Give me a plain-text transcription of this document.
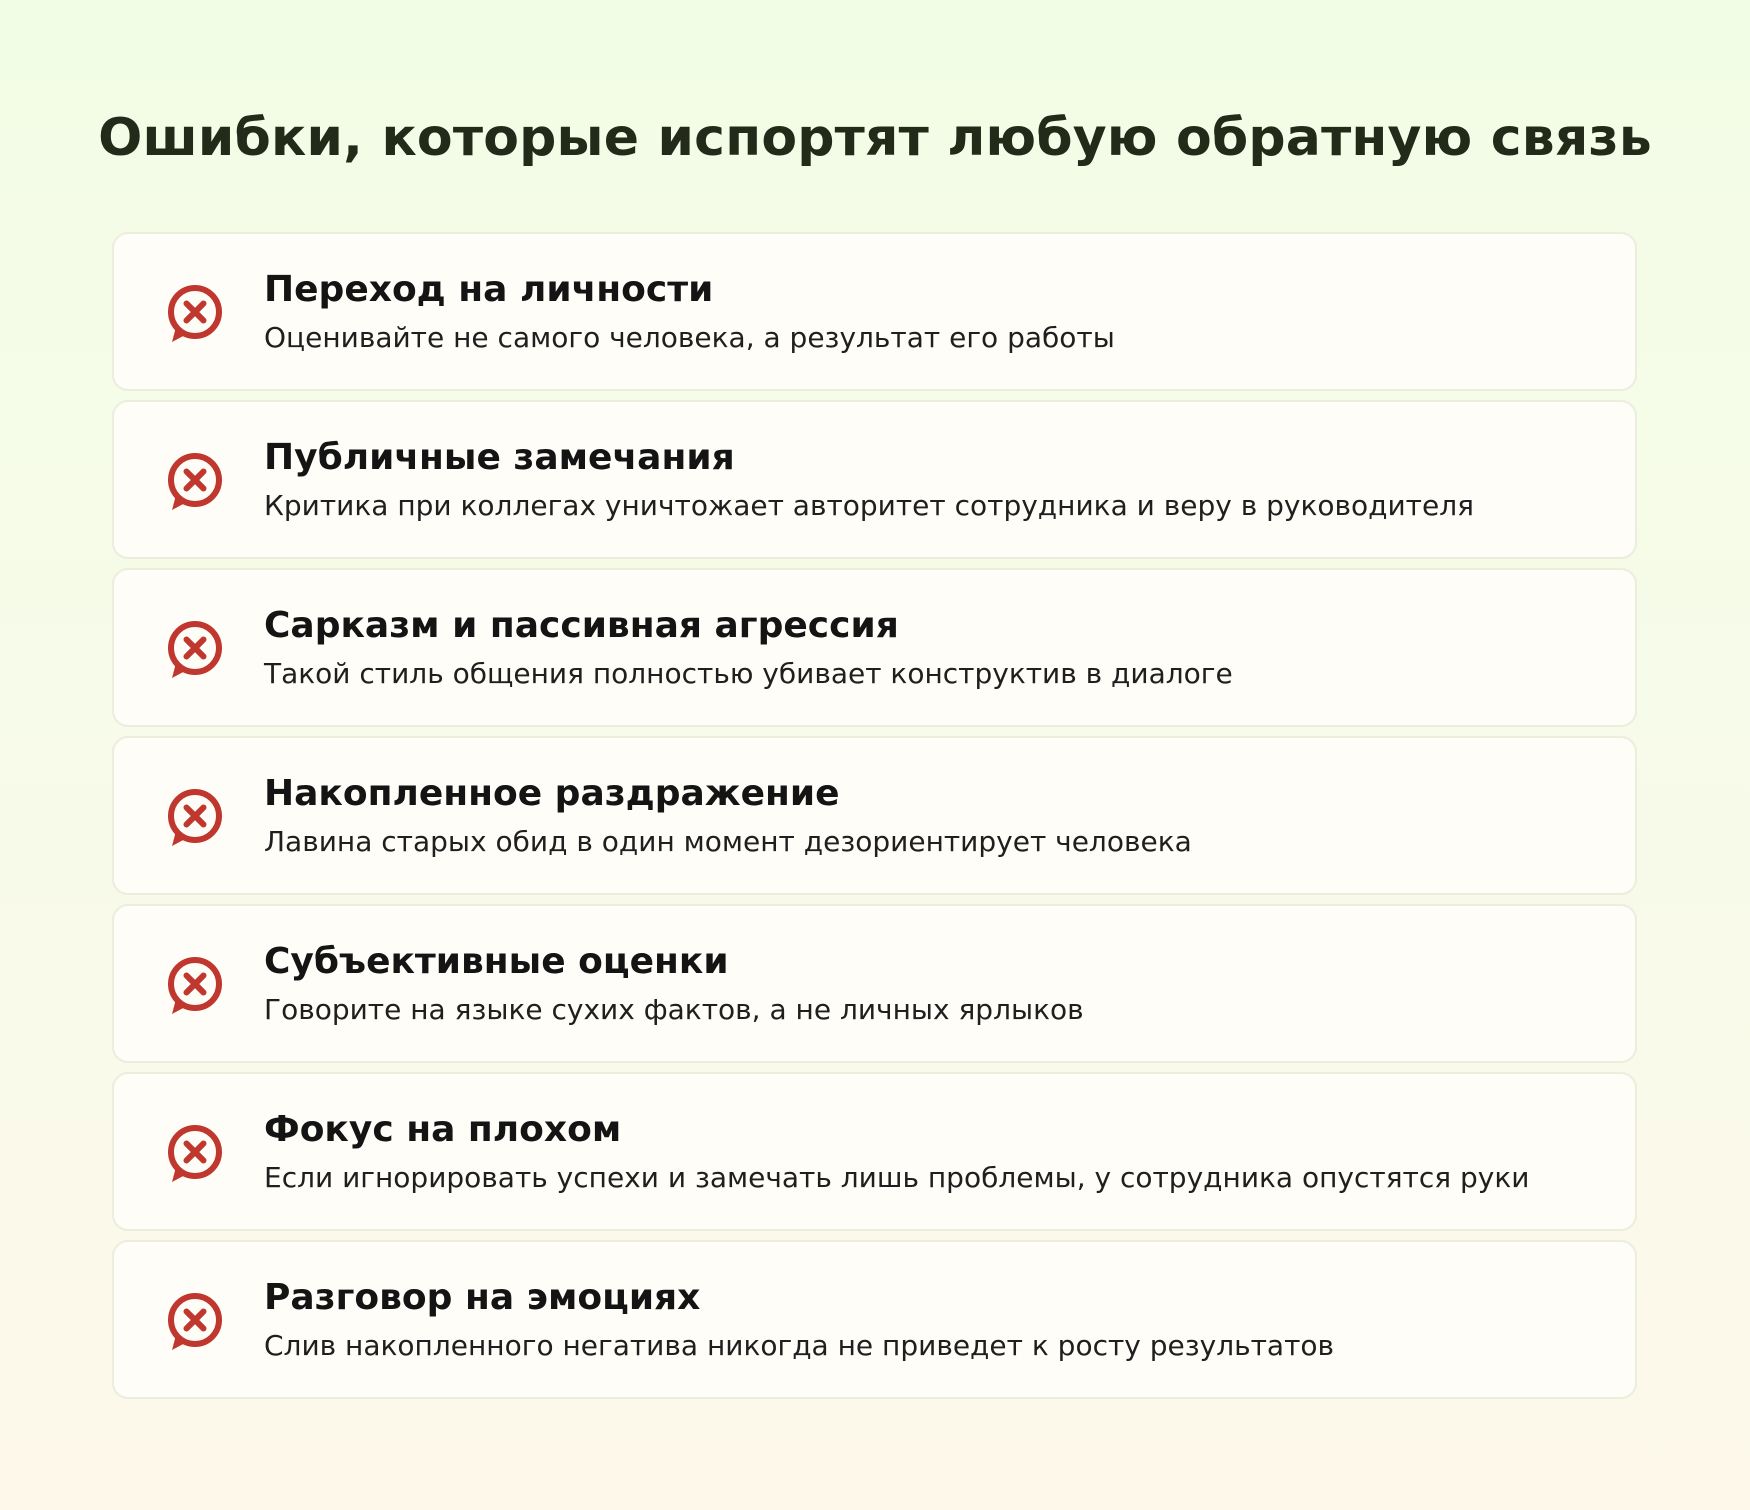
Ошибки, которые испортят любую обратную связь
Переход на личности
Оценивайте не самого человека, а результат его работы
Публичные замечания
Критика при коллегах уничтожает авторитет сотрудника и веру в руководителя
Сарказм и пассивная агрессия
Такой стиль общения полностью убивает конструктив в диалоге
Накопленное раздражение
Лавина старых обид в один момент дезориентирует человека
Субъективные оценки
Говорите на языке сухих фактов, а не личных ярлыков
Фокус на плохом
Если игнорировать успехи и замечать лишь проблемы, у сотрудника опустятся руки
Разговор на эмоциях
Слив накопленного негатива никогда не приведет к росту результатов
